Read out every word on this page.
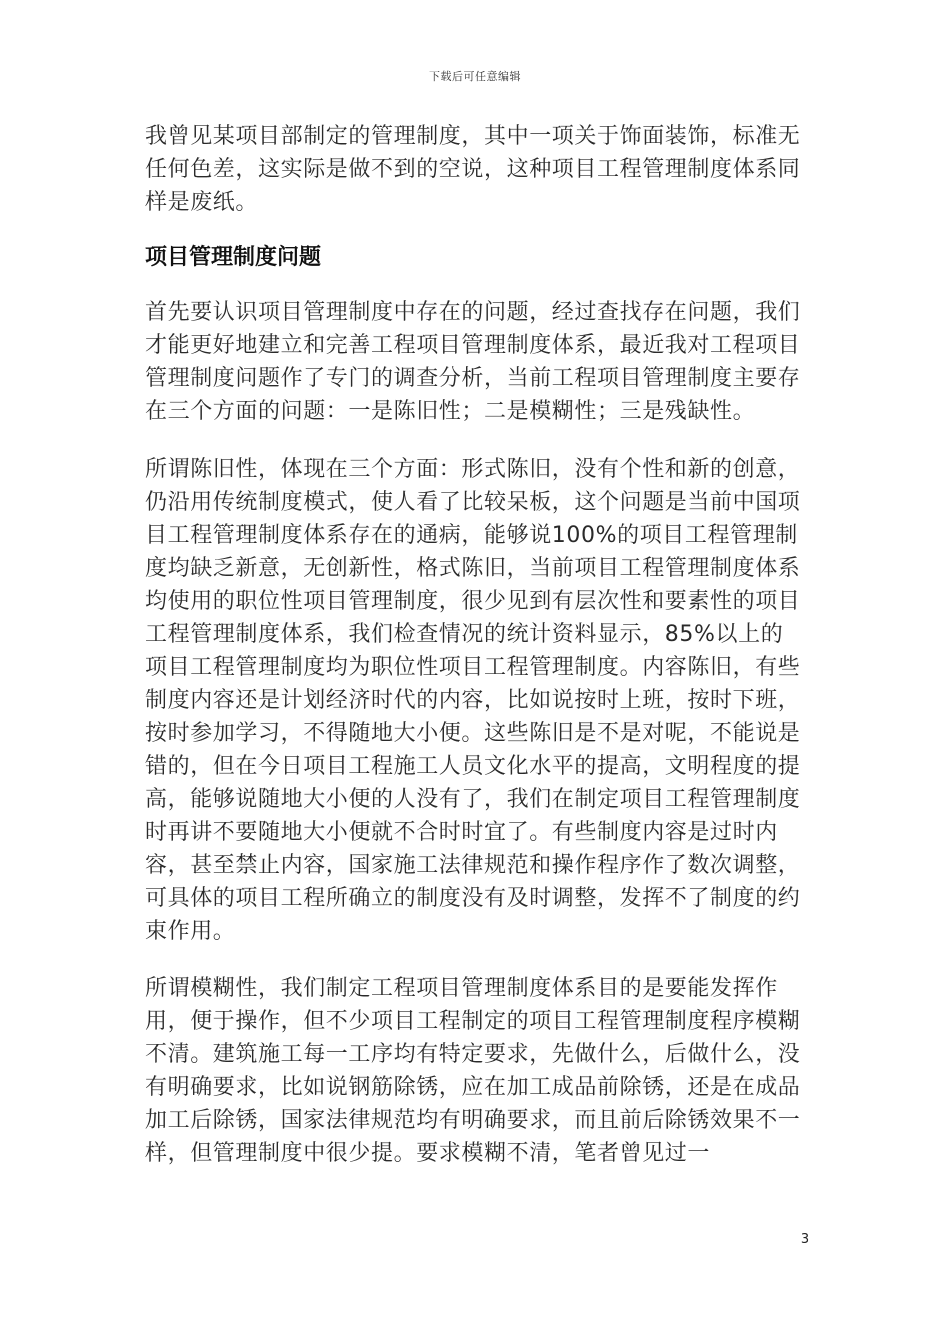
下载后可任意编辑

我曾见某项目部制定的管理制度，其中一项关于饰面装饰，标准无任何色差，这实际是做不到的空说，这种项目工程管理制度体系同样是废纸。

项目管理制度问题

首先要认识项目管理制度中存在的问题，经过查找存在问题，我们才能更好地建立和完善工程项目管理制度体系，最近我对工程项目管理制度问题作了专门的调查分析，当前工程项目管理制度主要存在三个方面的问题：一是陈旧性；二是模糊性；三是残缺性。

所谓陈旧性，体现在三个方面：形式陈旧，没有个性和新的创意，仍沿用传统制度模式，使人看了比较呆板，这个问题是当前中国项目工程管理制度体系存在的通病，能够说100%的项目工程管理制度均缺乏新意，无创新性，格式陈旧，当前项目工程管理制度体系均使用的职位性项目管理制度，很少见到有层次性和要素性的项目工程管理制度体系，我们检查情况的统计资料显示，85%以上的项目工程管理制度均为职位性项目工程管理制度。内容陈旧，有些制度内容还是计划经济时代的内容，比如说按时上班，按时下班，按时参加学习，不得随地大小便。这些陈旧是不是对呢，不能说是错的，但在今日项目工程施工人员文化水平的提高，文明程度的提高，能够说随地大小便的人没有了，我们在制定项目工程管理制度时再讲不要随地大小便就不合时时宜了。有些制度内容是过时内容，甚至禁止内容，国家施工法律规范和操作程序作了数次调整，可具体的项目工程所确立的制度没有及时调整，发挥不了制度的约束作用。

所谓模糊性，我们制定工程项目管理制度体系目的是要能发挥作用，便于操作，但不少项目工程制定的项目工程管理制度程序模糊不清。建筑施工每一工序均有特定要求，先做什么，后做什么，没有明确要求，比如说钢筋除锈，应在加工成品前除锈，还是在成品加工后除锈，国家法律规范均有明确要求，而且前后除锈效果不一样，但管理制度中很少提。要求模糊不清，笔者曾见过一

3
